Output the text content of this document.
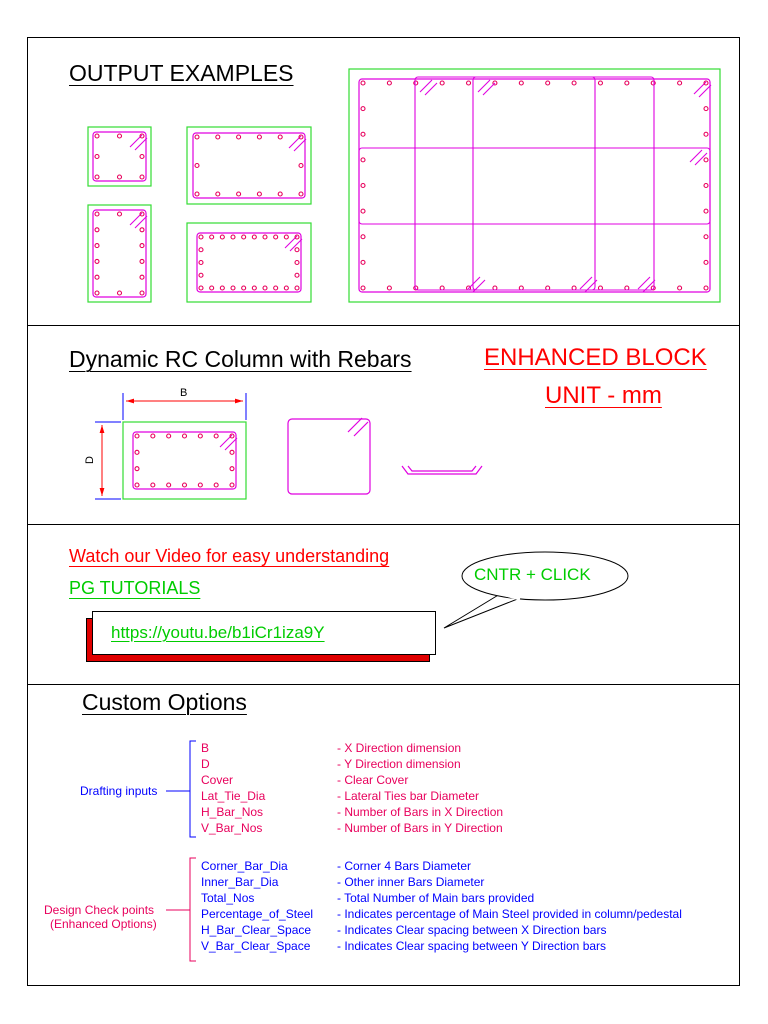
OUTPUT EXAMPLES
Dynamic RC Column with Rebars	ENHANCED BLOCK
UNIT - mm
B
D
Watch our Video for easy understanding
PG TUTORIALS
CNTR + CLICK
https://youtu.be/b1iCr1iza9Y
Custom Options
Drafting inputs
Design Check points
(Enhanced Options)
B	- X Direction dimension
D	- Y Direction dimension
Cover	- Clear Cover
Lat_Tie_Dia	- Lateral Ties bar Diameter
H_Bar_Nos	- Number of Bars in X Direction
V_Bar_Nos	- Number of Bars in Y Direction
Corner_Bar_Dia	- Corner 4 Bars Diameter
Inner_Bar_Dia	- Other inner Bars Diameter
Total_Nos	- Total Number of Main bars provided
Percentage_of_Steel - Indicates percentage of Main Steel provided in column/pedestal
H_Bar_Clear_Space - Indicates Clear spacing between X Direction bars
V_Bar_Clear_Space - Indicates Clear spacing between Y Direction bars
